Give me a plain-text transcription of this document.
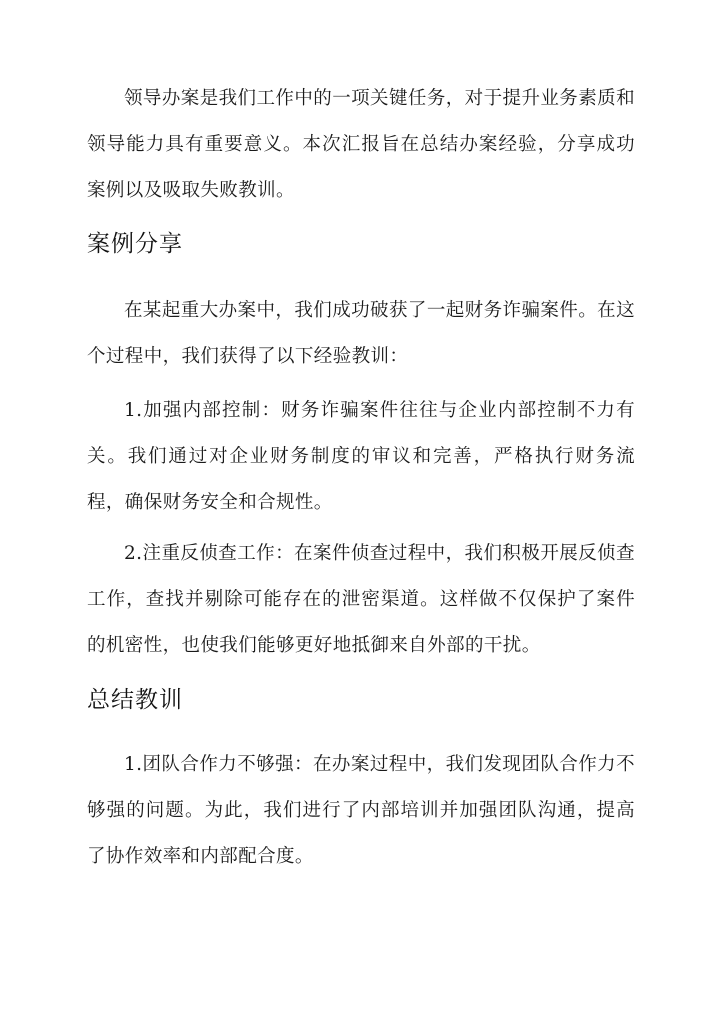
领导办案是我们工作中的一项关键任务，对于提升业务素质和领导能力具有重要意义。本次汇报旨在总结办案经验，分享成功案例以及吸取失败教训。

案例分享

在某起重大办案中，我们成功破获了一起财务诈骗案件。在这个过程中，我们获得了以下经验教训：

1.加强内部控制：财务诈骗案件往往与企业内部控制不力有关。我们通过对企业财务制度的审议和完善，严格执行财务流程，确保财务安全和合规性。

2.注重反侦查工作：在案件侦查过程中，我们积极开展反侦查工作，查找并剔除可能存在的泄密渠道。这样做不仅保护了案件的机密性，也使我们能够更好地抵御来自外部的干扰。

总结教训

1.团队合作力不够强：在办案过程中，我们发现团队合作力不够强的问题。为此，我们进行了内部培训并加强团队沟通，提高了协作效率和内部配合度。
